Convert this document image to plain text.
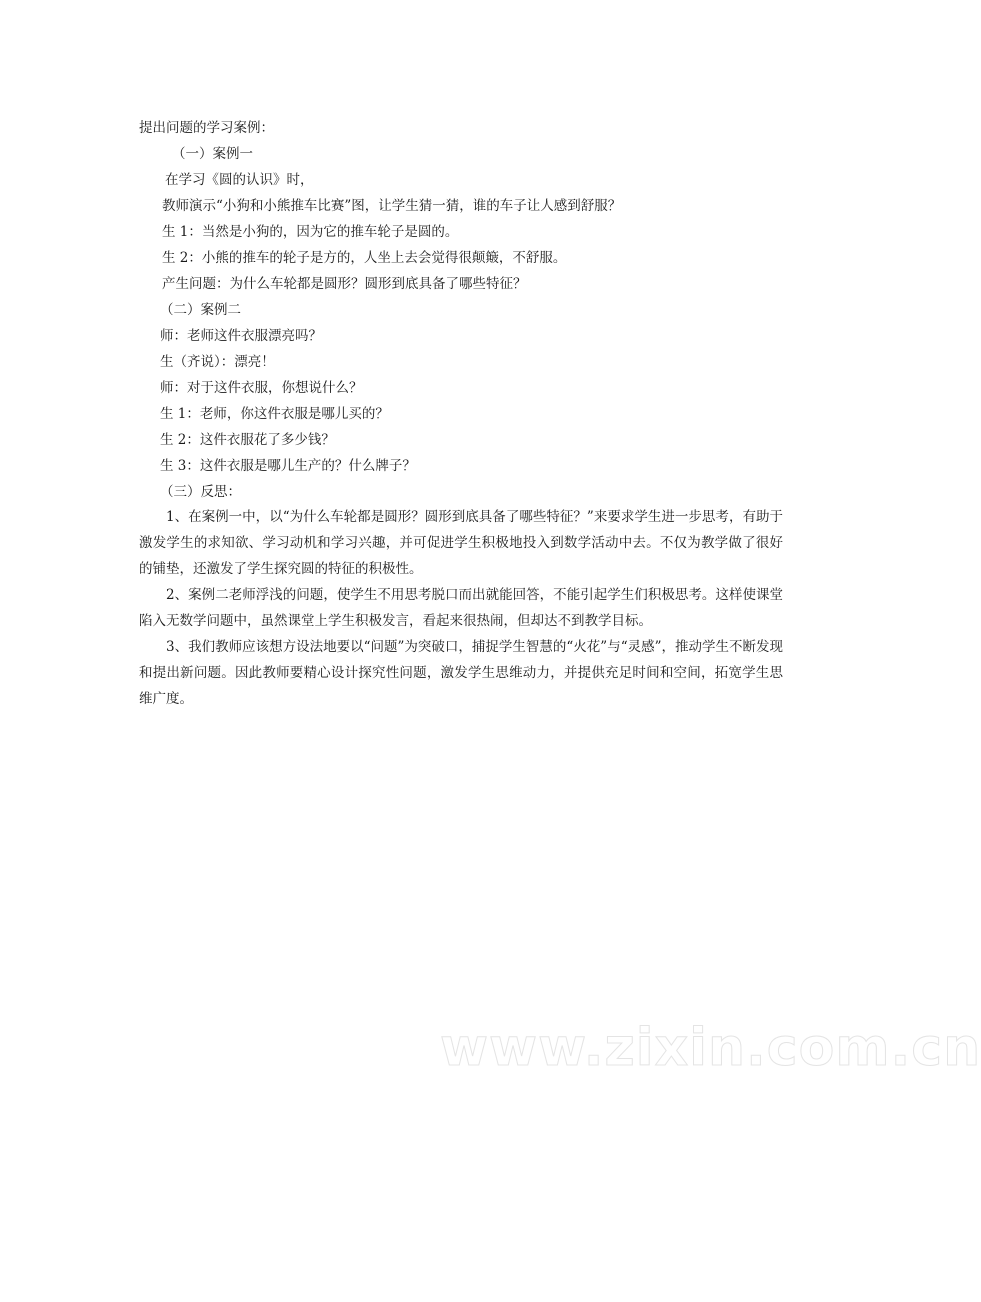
提出问题的学习案例：

（一）案例一

在学习《圆的认识》时，

教师演示“小狗和小熊推车比赛”图，让学生猜一猜，谁的车子让人感到舒服？

生 1：当然是小狗的，因为它的推车轮子是圆的。

生 2：小熊的推车的轮子是方的，人坐上去会觉得很颠簸，不舒服。

产生问题：为什么车轮都是圆形？圆形到底具备了哪些特征？

（二）案例二

师：老师这件衣服漂亮吗？

生（齐说）：漂亮！

师：对于这件衣服，你想说什么？

生 1：老师，你这件衣服是哪儿买的？

生 2：这件衣服花了多少钱？

生 3：这件衣服是哪儿生产的？什么牌子？

（三）反思：

1、在案例一中，以“为什么车轮都是圆形？圆形到底具备了哪些特征？”来要求学生进一步思考，有助于激发学生的求知欲、学习动机和学习兴趣，并可促进学生积极地投入到数学活动中去。不仅为教学做了很好的铺垫，还激发了学生探究圆的特征的积极性。

2、案例二老师浮浅的问题，使学生不用思考脱口而出就能回答，不能引起学生们积极思考。这样使课堂陷入无数学问题中，虽然课堂上学生积极发言，看起来很热闹，但却达不到教学目标。

3、我们教师应该想方设法地要以“问题”为突破口，捕捉学生智慧的“火花”与“灵感”，推动学生不断发现和提出新问题。因此教师要精心设计探究性问题，激发学生思维动力，并提供充足时间和空间，拓宽学生思维广度。

www.zixin.com.cn
